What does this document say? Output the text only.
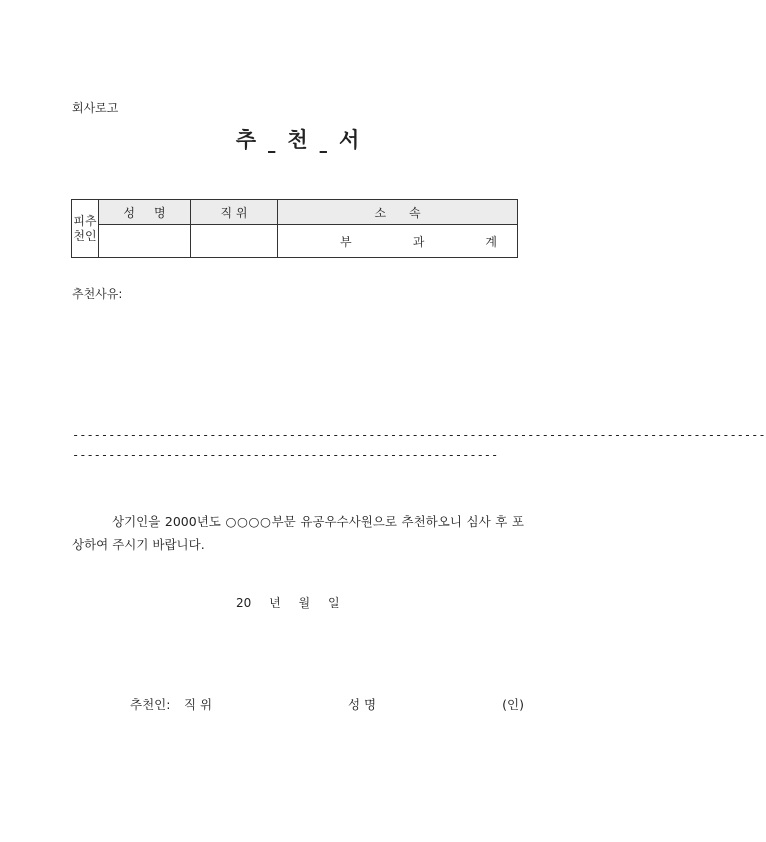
회사로고
추 천 서
피추
천인	성 명	직 위	소 속

			부 과 계
추천사유:
------------------------------------------------------------------------------------------------
-----------------------------------------------------------
상기인을 2000년도 ○○○○부문 유공우수사원으로 추천하오니 심사 후 포상하여 주시기 바랍니다.
20 년 월 일
추천인: 직 위	성 명	(인)
